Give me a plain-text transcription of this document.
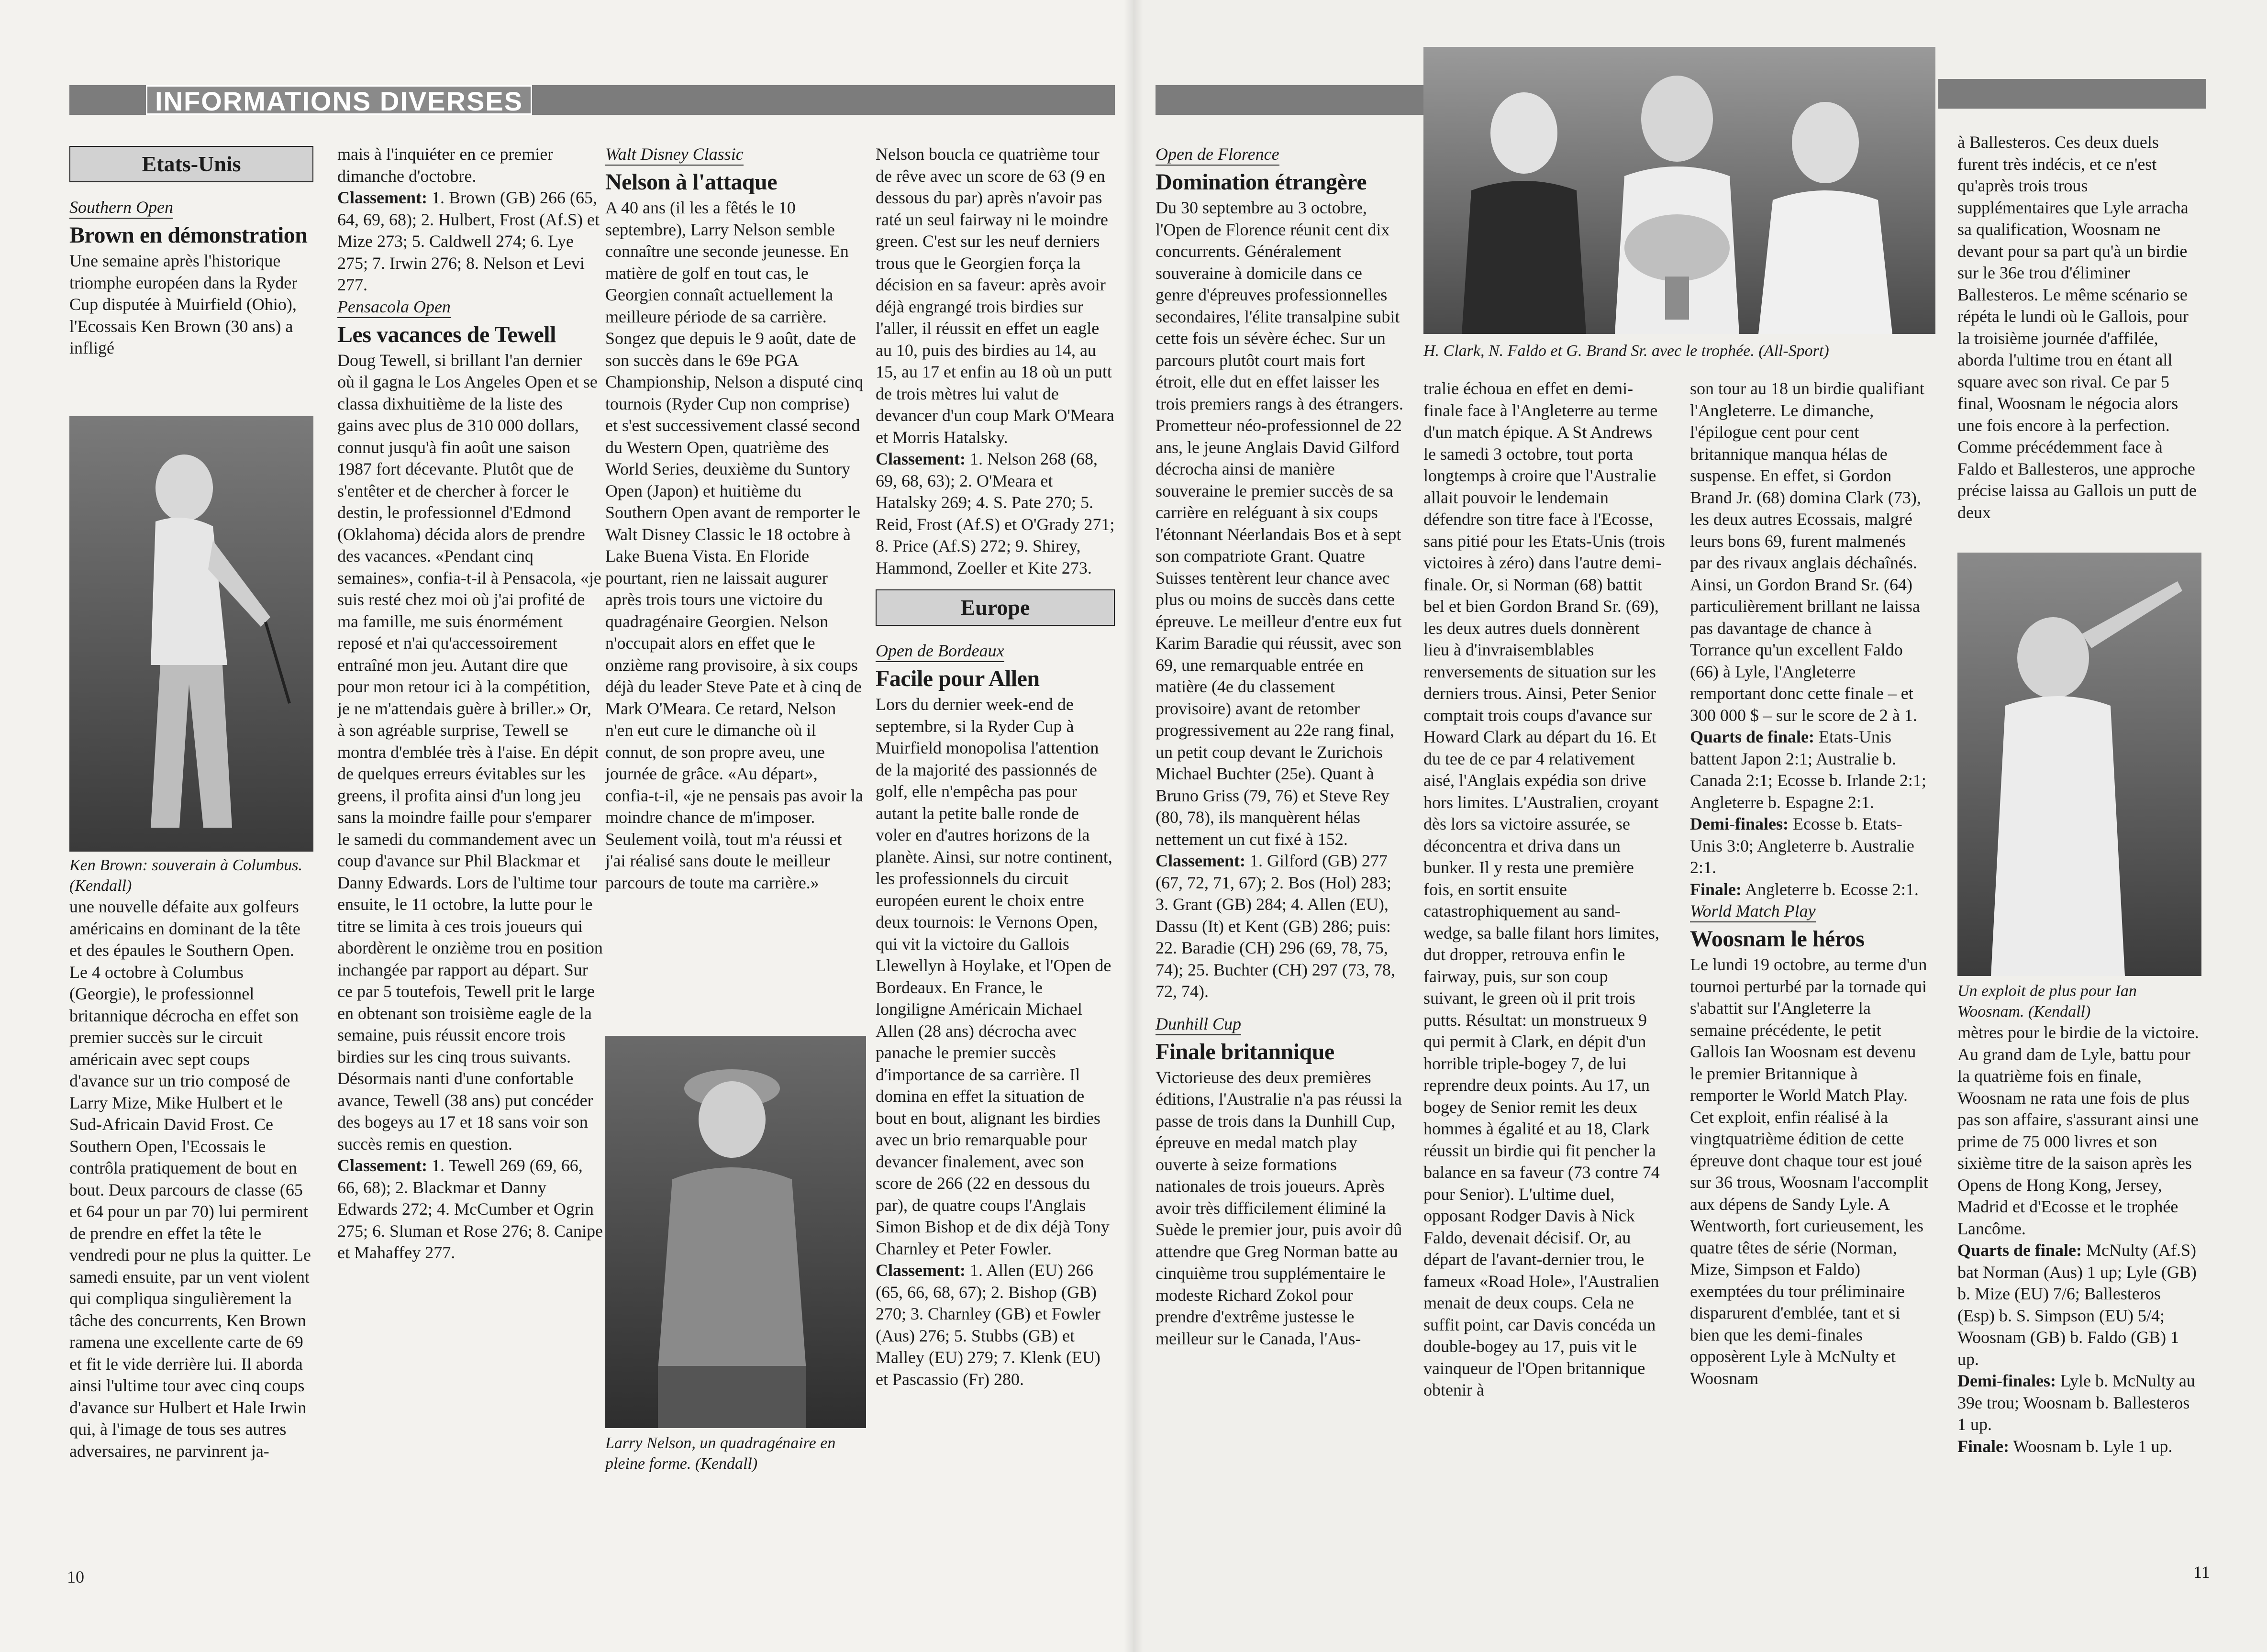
INFORMATIONS DIVERSES
Etats-Unis
Southern Open
Brown en démonstration

Une semaine après l'historique triomphe européen dans la Ryder Cup disputée à Muirfield (Ohio), l'Ecossais Ken Brown (30 ans) a infligé

Ken Brown: souverain à Columbus. (Kendall)

une nouvelle défaite aux golfeurs américains en dominant de la tête et des épaules le Southern Open. Le 4 octobre à Columbus (Georgie), le professionnel britannique décrocha en effet son premier succès sur le circuit américain avec sept coups d'avance sur un trio composé de Larry Mize, Mike Hulbert et le Sud-Africain David Frost. Ce Southern Open, l'Ecossais le contrôla pratiquement de bout en bout. Deux parcours de classe (65 et 64 pour un par 70) lui permirent de prendre en effet la tête le vendredi pour ne plus la quitter. Le samedi ensuite, par un vent violent qui compliqua singulièrement la tâche des concurrents, Ken Brown ramena une excellente carte de 69 et fit le vide derrière lui. Il aborda ainsi l'ultime tour avec cinq coups d'avance sur Hulbert et Hale Irwin qui, à l'image de tous ses autres adversaires, ne parvinrent ja-

mais à l'inquiéter en ce premier dimanche d'octobre.

Classement: 1. Brown (GB) 266 (65, 64, 69, 68); 2. Hulbert, Frost (Af.S) et Mize 273; 5. Caldwell 274; 6. Lye 275; 7. Irwin 276; 8. Nelson et Levi 277.

Pensacola Open
Les vacances de Tewell

Doug Tewell, si brillant l'an dernier où il gagna le Los Angeles Open et se classa dixhuitième de la liste des gains avec plus de 310 000 dollars, connut jusqu'à fin août une saison 1987 fort décevante. Plutôt que de s'entêter et de chercher à forcer le destin, le professionnel d'Edmond (Oklahoma) décida alors de prendre des vacances. «Pendant cinq semaines», confia-t-il à Pensacola, «je suis resté chez moi où j'ai profité de ma famille, me suis énormément reposé et n'ai qu'accessoirement entraîné mon jeu. Autant dire que pour mon retour ici à la compétition, je ne m'attendais guère à briller.» Or, à son agréable surprise, Tewell se montra d'emblée très à l'aise. En dépit de quelques erreurs évitables sur les greens, il profita ainsi d'un long jeu sans la moindre faille pour s'emparer le samedi du commandement avec un coup d'avance sur Phil Blackmar et Danny Edwards. Lors de l'ultime tour ensuite, le 11 octobre, la lutte pour le titre se limita à ces trois joueurs qui abordèrent le onzième trou en position inchangée par rapport au départ. Sur ce par 5 toutefois, Tewell prit le large en obtenant son troisième eagle de la semaine, puis réussit encore trois birdies sur les cinq trous suivants. Désormais nanti d'une confortable avance, Tewell (38 ans) put concéder des bogeys au 17 et 18 sans voir son succès remis en question.

Classement: 1. Tewell 269 (69, 66, 66, 68); 2. Blackmar et Danny Edwards 272; 4. McCumber et Ogrin 275; 6. Sluman et Rose 276; 8. Canipe et Mahaffey 277.

Walt Disney Classic
Nelson à l'attaque

A 40 ans (il les a fêtés le 10 septembre), Larry Nelson semble connaître une seconde jeunesse. En matière de golf en tout cas, le Georgien connaît actuellement la meilleure période de sa carrière. Songez que depuis le 9 août, date de son succès dans le 69e PGA Championship, Nelson a disputé cinq tournois (Ryder Cup non comprise) et s'est successivement classé second du Western Open, quatrième des World Series, deuxième du Suntory Open (Japon) et huitième du Southern Open avant de remporter le Walt Disney Classic le 18 octobre à Lake Buena Vista. En Floride pourtant, rien ne laissait augurer après trois tours une victoire du quadragénaire Georgien. Nelson n'occupait alors en effet que le onzième rang provisoire, à six coups déjà du leader Steve Pate et à cinq de Mark O'Meara. Ce retard, Nelson n'en eut cure le dimanche où il connut, de son propre aveu, une journée de grâce. «Au départ», confia-t-il, «je ne pensais pas avoir la moindre chance de m'imposer. Seulement voilà, tout m'a réussi et j'ai réalisé sans doute le meilleur parcours de toute ma carrière.»

Larry Nelson, un quadragénaire en pleine forme. (Kendall)

Nelson boucla ce quatrième tour de rêve avec un score de 63 (9 en dessous du par) après n'avoir pas raté un seul fairway ni le moindre green. C'est sur les neuf derniers trous que le Georgien força la décision en sa faveur: après avoir déjà engrangé trois birdies sur l'aller, il réussit en effet un eagle au 10, puis des birdies au 14, au 15, au 17 et enfin au 18 où un putt de trois mètres lui valut de devancer d'un coup Mark O'Meara et Morris Hatalsky.

Classement: 1. Nelson 268 (68, 69, 68, 63); 2. O'Meara et Hatalsky 269; 4. S. Pate 270; 5. Reid, Frost (Af.S) et O'Grady 271; 8. Price (Af.S) 272; 9. Shirey, Hammond, Zoeller et Kite 273.

Europe
Open de Bordeaux
Facile pour Allen

Lors du dernier week-end de septembre, si la Ryder Cup à Muirfield monopolisa l'attention de la majorité des passionnés de golf, elle n'empêcha pas pour autant la petite balle ronde de voler en d'autres horizons de la planète. Ainsi, sur notre continent, les professionnels du circuit européen eurent le choix entre deux tournois: le Vernons Open, qui vit la victoire du Gallois Llewellyn à Hoylake, et l'Open de Bordeaux. En France, le longiligne Américain Michael Allen (28 ans) décrocha avec panache le premier succès d'importance de sa carrière. Il domina en effet la situation de bout en bout, alignant les birdies avec un brio remarquable pour devancer finalement, avec son score de 266 (22 en dessous du par), de quatre coups l'Anglais Simon Bishop et de dix déjà Tony Charnley et Peter Fowler.

Classement: 1. Allen (EU) 266 (65, 66, 68, 67); 2. Bishop (GB) 270; 3. Charnley (GB) et Fowler (Aus) 276; 5. Stubbs (GB) et Malley (EU) 279; 7. Klenk (EU) et Pascassio (Fr) 280.

10

H. Clark, N. Faldo et G. Brand Sr. avec le trophée. (All-Sport)

Open de Florence
Domination étrangère

Du 30 septembre au 3 octobre, l'Open de Florence réunit cent dix concurrents. Généralement souveraine à domicile dans ce genre d'épreuves professionnelles secondaires, l'élite transalpine subit cette fois un sévère échec. Sur un parcours plutôt court mais fort étroit, elle dut en effet laisser les trois premiers rangs à des étrangers. Prometteur néo-professionnel de 22 ans, le jeune Anglais David Gilford décrocha ainsi de manière souveraine le premier succès de sa carrière en reléguant à six coups l'étonnant Néerlandais Bos et à sept son compatriote Grant. Quatre Suisses tentèrent leur chance avec plus ou moins de succès dans cette épreuve. Le meilleur d'entre eux fut Karim Baradie qui réussit, avec son 69, une remarquable entrée en matière (4e du classement provisoire) avant de retomber progressivement au 22e rang final, un petit coup devant le Zurichois Michael Buchter (25e). Quant à Bruno Griss (79, 76) et Steve Rey (80, 78), ils manquèrent hélas nettement un cut fixé à 152.

Classement: 1. Gilford (GB) 277 (67, 72, 71, 67); 2. Bos (Hol) 283; 3. Grant (GB) 284; 4. Allen (EU), Dassu (It) et Kent (GB) 286; puis: 22. Baradie (CH) 296 (69, 78, 75, 74); 25. Buchter (CH) 297 (73, 78, 72, 74).

Dunhill Cup
Finale britannique

Victorieuse des deux premières éditions, l'Australie n'a pas réussi la passe de trois dans la Dunhill Cup, épreuve en medal match play ouverte à seize formations nationales de trois joueurs. Après avoir très difficilement éliminé la Suède le premier jour, puis avoir dû attendre que Greg Norman batte au cinquième trou supplémentaire le modeste Richard Zokol pour prendre d'extrême justesse le meilleur sur le Canada, l'Aus-

tralie échoua en effet en demi-finale face à l'Angleterre au terme d'un match épique. A St Andrews le samedi 3 octobre, tout porta longtemps à croire que l'Australie allait pouvoir le lendemain défendre son titre face à l'Ecosse, sans pitié pour les Etats-Unis (trois victoires à zéro) dans l'autre demi-finale. Or, si Norman (68) battit bel et bien Gordon Brand Sr. (69), les deux autres duels donnèrent lieu à d'invraisemblables renversements de situation sur les derniers trous. Ainsi, Peter Senior comptait trois coups d'avance sur Howard Clark au départ du 16. Et du tee de ce par 4 relativement aisé, l'Anglais expédia son drive hors limites. L'Australien, croyant dès lors sa victoire assurée, se déconcentra et driva dans un bunker. Il y resta une première fois, en sortit ensuite catastrophiquement au sand-wedge, sa balle filant hors limites, dut dropper, retrouva enfin le fairway, puis, sur son coup suivant, le green où il prit trois putts. Résultat: un monstrueux 9 qui permit à Clark, en dépit d'un horrible triple-bogey 7, de lui reprendre deux points. Au 17, un bogey de Senior remit les deux hommes à égalité et au 18, Clark réussit un birdie qui fit pencher la balance en sa faveur (73 contre 74 pour Senior). L'ultime duel, opposant Rodger Davis à Nick Faldo, devenait décisif. Or, au départ de l'avant-dernier trou, le fameux «Road Hole», l'Australien menait de deux coups. Cela ne suffit point, car Davis concéda un double-bogey au 17, puis vit le vainqueur de l'Open britannique obtenir à

son tour au 18 un birdie qualifiant l'Angleterre. Le dimanche, l'épilogue cent pour cent britannique manqua hélas de suspense. En effet, si Gordon Brand Jr. (68) domina Clark (73), les deux autres Ecossais, malgré leurs bons 69, furent malmenés par des rivaux anglais déchaînés. Ainsi, un Gordon Brand Sr. (64) particulièrement brillant ne laissa pas davantage de chance à Torrance qu'un excellent Faldo (66) à Lyle, l'Angleterre remportant donc cette finale – et 300 000 $ – sur le score de 2 à 1.

Quarts de finale: Etats-Unis battent Japon 2:1; Australie b. Canada 2:1; Ecosse b. Irlande 2:1; Angleterre b. Espagne 2:1.

Demi-finales: Ecosse b. Etats-Unis 3:0; Angleterre b. Australie 2:1.

Finale: Angleterre b. Ecosse 2:1.

World Match Play
Woosnam le héros

Le lundi 19 octobre, au terme d'un tournoi perturbé par la tornade qui s'abattit sur l'Angleterre la semaine précédente, le petit Gallois Ian Woosnam est devenu le premier Britannique à remporter le World Match Play. Cet exploit, enfin réalisé à la vingtquatrième édition de cette épreuve dont chaque tour est joué sur 36 trous, Woosnam l'accomplit aux dépens de Sandy Lyle. A Wentworth, fort curieusement, les quatre têtes de série (Norman, Mize, Simpson et Faldo) exemptées du tour préliminaire disparurent d'emblée, tant et si bien que les demi-finales opposèrent Lyle à McNulty et Woosnam

à Ballesteros. Ces deux duels furent très indécis, et ce n'est qu'après trois trous supplémentaires que Lyle arracha sa qualification, Woosnam ne devant pour sa part qu'à un birdie sur le 36e trou d'éliminer Ballesteros. Le même scénario se répéta le lundi où le Gallois, pour la troisième journée d'affilée, aborda l'ultime trou en étant all square avec son rival. Ce par 5 final, Woosnam le négocia alors une fois encore à la perfection. Comme précédemment face à Faldo et Ballesteros, une approche précise laissa au Gallois un putt de deux

Un exploit de plus pour Ian Woosnam. (Kendall)

mètres pour le birdie de la victoire. Au grand dam de Lyle, battu pour la quatrième fois en finale, Woosnam ne rata une fois de plus pas son affaire, s'assurant ainsi une prime de 75 000 livres et son sixième titre de la saison après les Opens de Hong Kong, Jersey, Madrid et d'Ecosse et le trophée Lancôme.

Quarts de finale: McNulty (Af.S) bat Norman (Aus) 1 up; Lyle (GB) b. Mize (EU) 7/6; Ballesteros (Esp) b. S. Simpson (EU) 5/4; Woosnam (GB) b. Faldo (GB) 1 up.

Demi-finales: Lyle b. McNulty au 39e trou; Woosnam b. Ballesteros 1 up.

Finale: Woosnam b. Lyle 1 up.

11
